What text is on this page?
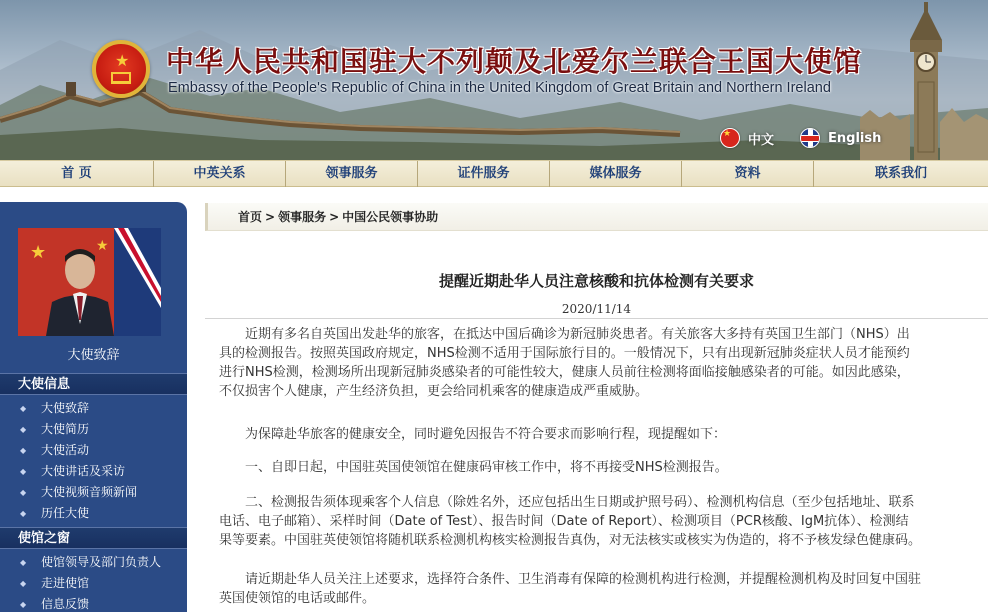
★ 中华人民共和国驻大不列颠及北爱尔兰联合王国大使馆
Embassy of the People's Republic of China in the United Kingdom of Great Britain and Northern Ireland
★
中文	English
首 页	中英关系	领事服务	证件服务	媒体服务	资料	联系我们
★	★
大使致辞
大使信息
◆ 大使致辞
◆ 大使简历
◆ 大使活动
◆ 大使讲话及采访
◆ 大使视频音频新闻
◆ 历任大使
使馆之窗
◆ 使馆领导及部门负责人
◆ 走进使馆
◆ 信息反馈
首页 > 领事服务 > 中国公民领事协助
提醒近期赴华人员注意核酸和抗体检测有关要求
2020/11/14

　　近期有多名自英国出发赴华的旅客，在抵达中国后确诊为新冠肺炎患者。有关旅客大多持有英国卫生部门（NHS）出
具的检测报告。按照英国政府规定，NHS检测不适用于国际旅行目的。一般情况下，只有出现新冠肺炎症状人员才能预约
进行NHS检测，检测场所出现新冠肺炎感染者的可能性较大，健康人员前往检测将面临接触感染者的可能。如因此感染，
不仅损害个人健康，产生经济负担，更会给同机乘客的健康造成严重威胁。

　　为保障赴华旅客的健康安全，同时避免因报告不符合要求而影响行程，现提醒如下：

　　一、自即日起，中国驻英国使领馆在健康码审核工作中，将不再接受NHS检测报告。

　　二、检测报告须体现乘客个人信息（除姓名外，还应包括出生日期或护照号码）、检测机构信息（至少包括地址、联系
电话、电子邮箱）、采样时间（Date of Test）、报告时间（Date of Report）、检测项目（PCR核酸、IgM抗体）、检测结
果等要素。中国驻英使领馆将随机联系检测机构核实检测报告真伪，对无法核实或核实为伪造的，将不予核发绿色健康码。

　　请近期赴华人员关注上述要求，选择符合条件、卫生消毒有保障的检测机构进行检测，并提醒检测机构及时回复中国驻
英国使领馆的电话或邮件。
